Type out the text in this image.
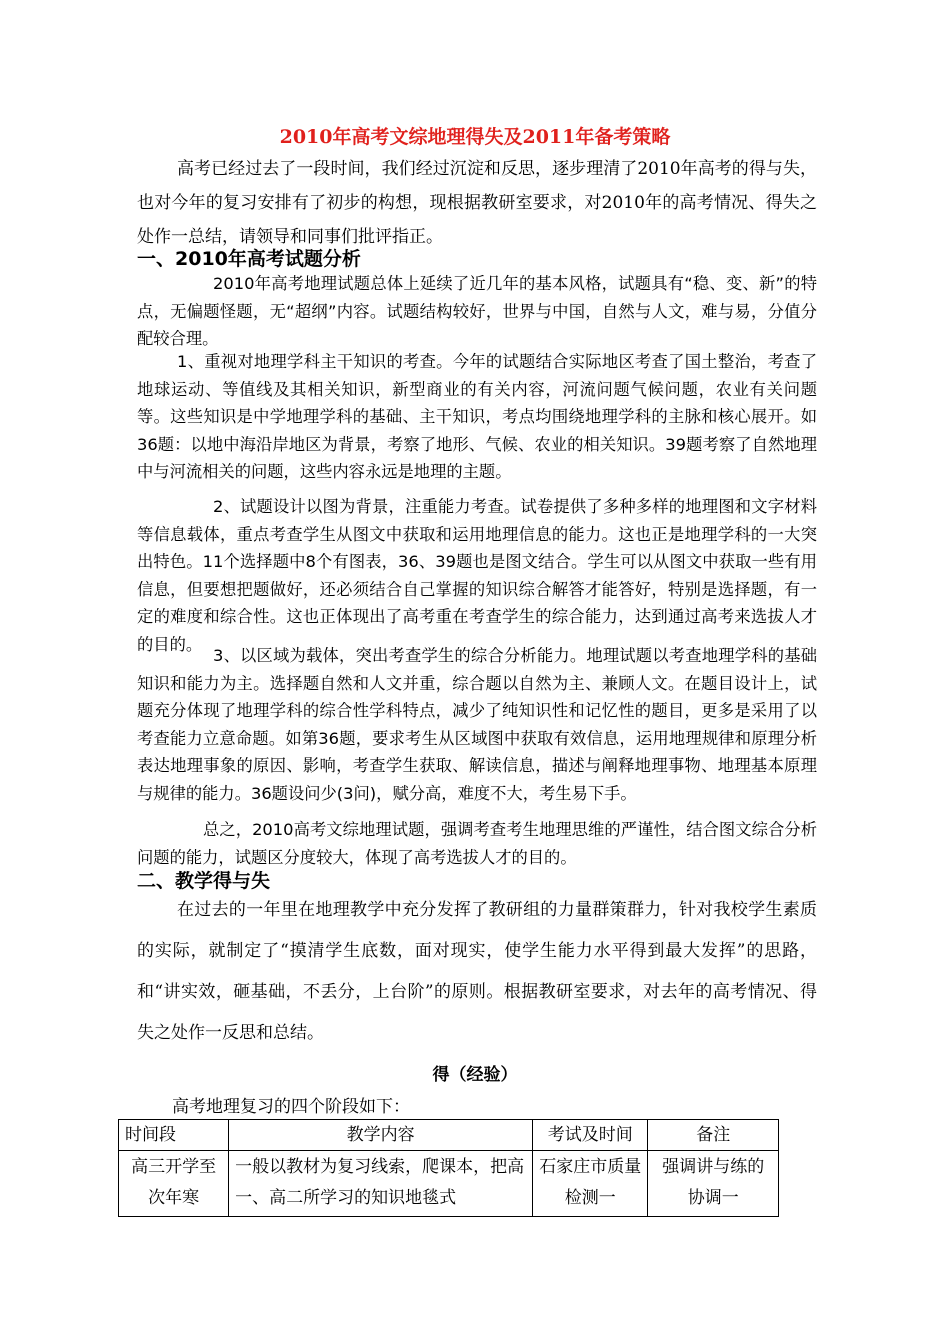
2010年高考文综地理得失及2011年备考策略

高考已经过去了一段时间，我们经过沉淀和反思，逐步理清了2010年高考的得与失，也对今年的复习安排有了初步的构想，现根据教研室要求，对2010年的高考情况、得失之处作一总结，请领导和同事们批评指正。

一、2010年高考试题分析

2010年高考地理试题总体上延续了近几年的基本风格，试题具有“稳、变、新”的特点，无偏题怪题，无“超纲”内容。试题结构较好，世界与中国，自然与人文，难与易，分值分配较合理。

1、重视对地理学科主干知识的考查。今年的试题结合实际地区考查了国土整治，考查了地球运动、等值线及其相关知识，新型商业的有关内容，河流问题气候问题，农业有关问题等。这些知识是中学地理学科的基础、主干知识，考点均围绕地理学科的主脉和核心展开。如36题：以地中海沿岸地区为背景，考察了地形、气候、农业的相关知识。39题考察了自然地理中与河流相关的问题，这些内容永远是地理的主题。

2、试题设计以图为背景，注重能力考查。试卷提供了多种多样的地理图和文字材料等信息载体，重点考查学生从图文中获取和运用地理信息的能力。这也正是地理学科的一大突出特色。11个选择题中8个有图表，36、39题也是图文结合。学生可以从图文中获取一些有用信息，但要想把题做好，还必须结合自己掌握的知识综合解答才能答好，特别是选择题，有一定的难度和综合性。这也正体现出了高考重在考查学生的综合能力，达到通过高考来选拔人才的目的。

3、以区域为载体，突出考查学生的综合分析能力。地理试题以考查地理学科的基础知识和能力为主。选择题自然和人文并重，综合题以自然为主、兼顾人文。在题目设计上，试题充分体现了地理学科的综合性学科特点，减少了纯知识性和记忆性的题目，更多是采用了以考查能力立意命题。如第36题，要求考生从区域图中获取有效信息，运用地理规律和原理分析表达地理事象的原因、影响，考查学生获取、解读信息，描述与阐释地理事物、地理基本原理与规律的能力。36题设问少(3问)，赋分高，难度不大，考生易下手。

总之，2010高考文综地理试题，强调考查考生地理思维的严谨性，结合图文综合分析问题的能力，试题区分度较大，体现了高考选拔人才的目的。

二、教学得与失

在过去的一年里在地理教学中充分发挥了教研组的力量群策群力，针对我校学生素质的实际，就制定了“摸清学生底数，面对现实，使学生能力水平得到最大发挥”的思路，和“讲实效，砸基础，不丢分，上台阶”的原则。根据教研室要求，对去年的高考情况、得失之处作一反思和总结。

得（经验）
高考地理复习的四个阶段如下：
时间段	教学内容	考试及时间	备注
高三开学至次年寒	一般以教材为复习线索，爬课本，把高一、高二所学习的知识地毯式	石家庄市质量检测一	强调讲与练的协调一
